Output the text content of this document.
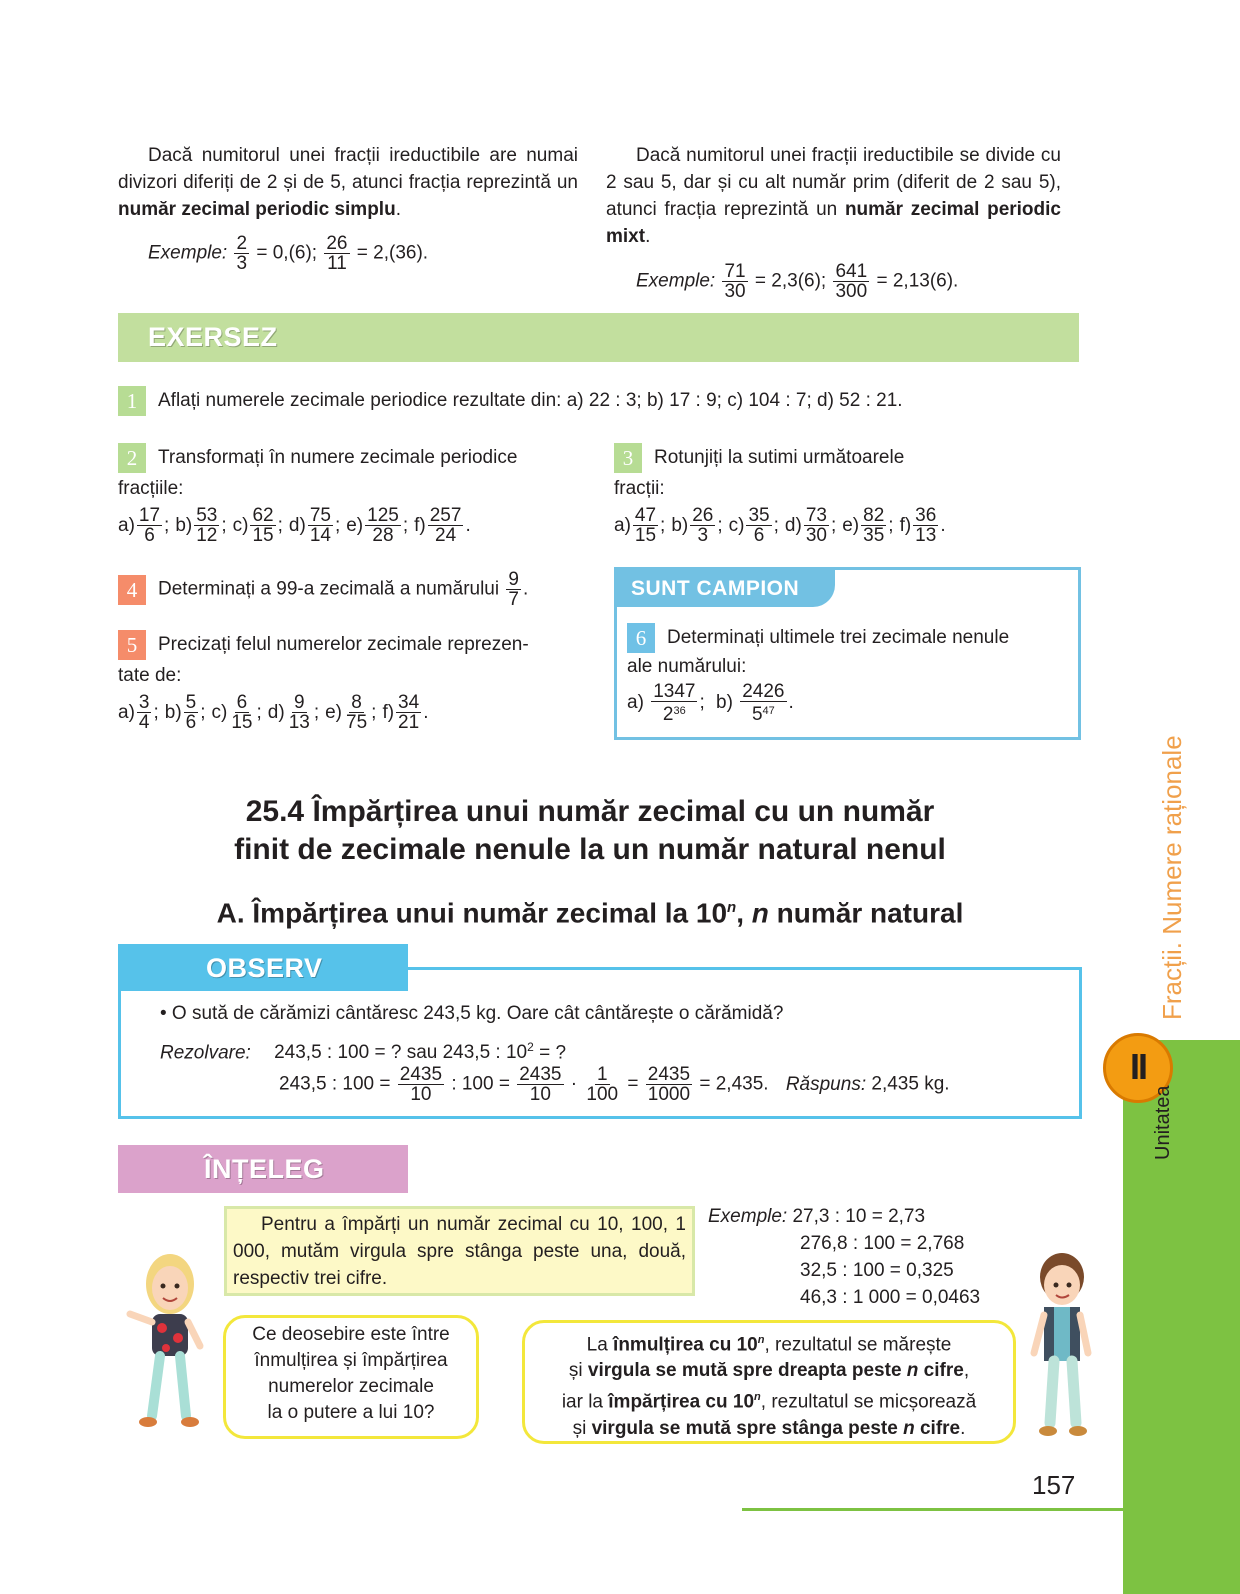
Dacă numitorul unei fracții ireductibile are numai divizori diferiți de 2 și de 5, atunci fracția reprezintă un număr zecimal periodic simplu.
Exemple: $\frac{2}{3} = 0,(6)$; $\frac{26}{11} = 2,(36)$.
Dacă numitorul unei fracții ireductibile se divide cu 2 sau 5, dar și cu alt număr prim (diferit de 2 sau 5), atunci fracția reprezintă un număr zecimal periodic mixt.
Exemple: $\frac{71}{30} = 2,3(6)$; $\frac{641}{300} = 2,13(6)$.
EXERSEZ
1 Aflați numerele zecimale periodice rezultate din: a) 22 : 3; b) 17 : 9; c) 104 : 7; d) 52 : 21.
2 Transformați în numere zecimale periodice
fracțiile:
$a) \frac{17}{6}$ ; $b) \frac{53}{12}$ ; $c) \frac{62}{15}$ ; $d) \frac{75}{14}$ ; $e) \frac{125}{28}$ ; $f) \frac{257}{24}$ .
3 Rotunjiți la sutimi următoarele
fracții:
$a) \frac{47}{15}$ ; $b) \frac{26}{3}$ ; $c) \frac{35}{6}$ ; $d) \frac{73}{30}$ ; $e) \frac{82}{35}$ ; $f) \frac{36}{13}$ .
4 Determinați a 99-a zecimală a numărului $\frac{9}{7}$ .
5 Precizați felul numerelor zecimale reprezen-
tate de:
$a) \frac{3}{4}$ ; $b) \frac{5}{6}$ ; $c) \frac{6}{15}$ ; $d) \frac{9}{13}$ ; $e) \frac{8}{75}$ ; $f) \frac{34}{21}$ .
SUNT CAMPION
6 Determinați ultimele trei zecimale nenule
ale numărului:
$a) \frac{1347}{2^{36}}$ ; $b) \frac{2426}{5^{47}}$ .
25.4 Împărțirea unui număr zecimal cu un număr
finit de zecimale nenule la un număr natural nenul
A. Împărțirea unui număr zecimal la 10$^n$, n număr natural
OBSERV
• O sută de cărămizi cântăresc 243,5 kg. Oare cât cântărește o cărămidă?
Rezolvare: 243,5 : 100 = ? sau 243,5 : $10^2$ = ?
243,5 : $100 = \frac{2435}{10}$ : $100 = \frac{2435}{10} \cdot \frac{1}{100} = \frac{2435}{1000} = 2,435$. Răspuns: 2,435 kg.
ÎNȚELEG
Pentru a împărți un număr zecimal cu 10, 100, 1 000, mutăm virgula spre stânga peste una, două, respectiv trei cifre.
Exemple: 27,3 : 10 = 2,73
276,8 : 100 = 2,768
32,5 : 100 = 0,325
46,3 : 1 000 = 0,0463
Ce deosebire este între
înmulțirea și împărțirea
numerelor zecimale
la o putere a lui 10?
La înmulțirea cu 10$^n$, rezultatul se mărește
și virgula se mută spre dreapta peste n cifre,
iar la împărțirea cu 10$^n$, rezultatul se micșorează
și virgula se mută spre stânga peste n cifre.
II
Unitatea
Fracții. Numere raționale
157
